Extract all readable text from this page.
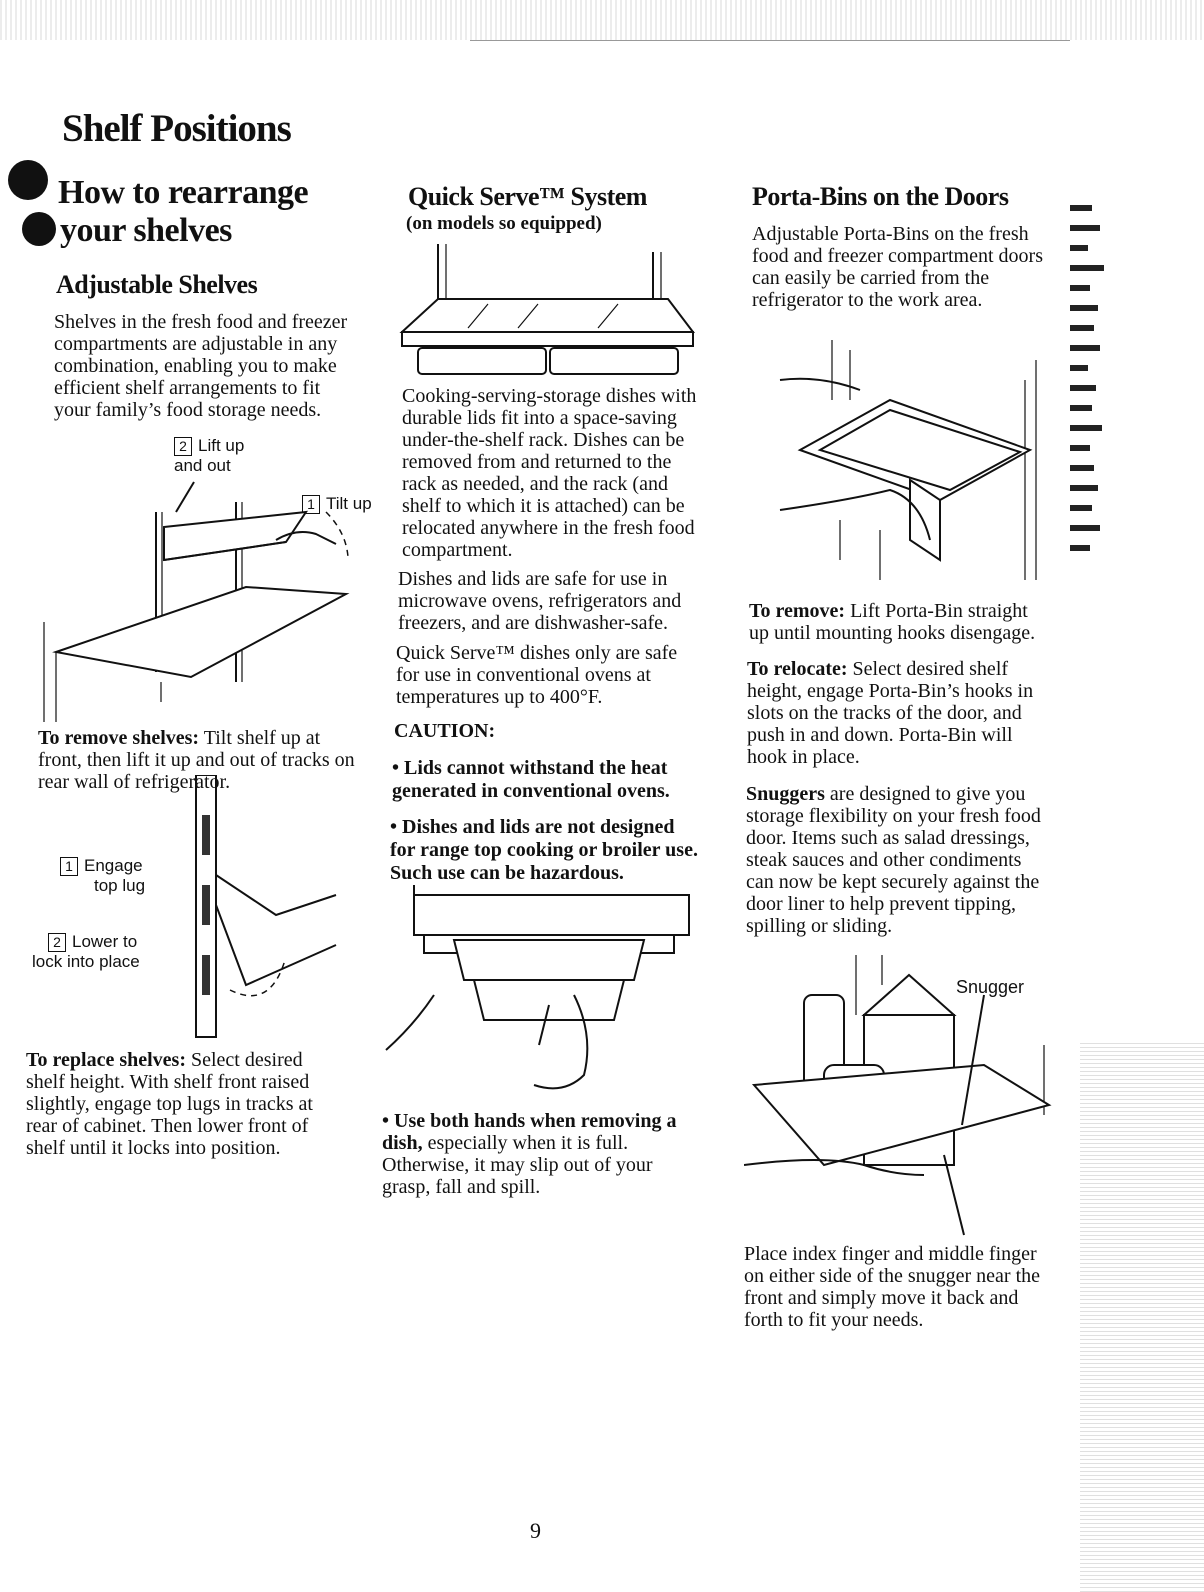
Shelf Positions
How to rearrange
your shelves
Adjustable Shelves
Shelves in the fresh food and freezer compartments are adjustable in any combination, enabling you to make efficient shelf arrangements to fit your family’s food storage needs.
2 Lift up
and out
1 Tilt up
To remove shelves: Tilt shelf up at front, then lift it up and out of tracks on rear wall of refrigerator.
1 Engage
top lug
2 Lower to
lock into place
To replace shelves: Select desired shelf height. With shelf front raised slightly, engage top lugs in tracks at rear of cabinet. Then lower front of shelf until it locks into position.
Quick Serve™ System
(on models so equipped)
Cooking-serving-storage dishes with durable lids fit into a space-saving under-the-shelf rack. Dishes can be removed from and returned to the rack as needed, and the rack (and shelf to which it is attached) can be relocated anywhere in the fresh food compartment.
Dishes and lids are safe for use in microwave ovens, refrigerators and freezers, and are dishwasher-safe.
Quick Serve™ dishes only are safe for use in conventional ovens at temperatures up to 400°F.
CAUTION:
• Lids cannot withstand the heat generated in conventional ovens.
• Dishes and lids are not designed for range top cooking or broiler use. Such use can be hazardous.
• Use both hands when removing a dish, especially when it is full. Otherwise, it may slip out of your grasp, fall and spill.
Porta-Bins on the Doors
Adjustable Porta-Bins on the fresh food and freezer compartment doors can easily be carried from the refrigerator to the work area.
To remove: Lift Porta-Bin straight up until mounting hooks disengage.
To relocate: Select desired shelf height, engage Porta-Bin’s hooks in slots on the tracks of the door, and push in and down. Porta-Bin will hook in place.
Snuggers are designed to give you storage flexibility on your fresh food door. Items such as salad dressings, steak sauces and other condiments can now be kept securely against the door liner to help prevent tipping, spilling or sliding.
Snugger
Place index finger and middle finger on either side of the snugger near the front and simply move it back and forth to fit your needs.
9
